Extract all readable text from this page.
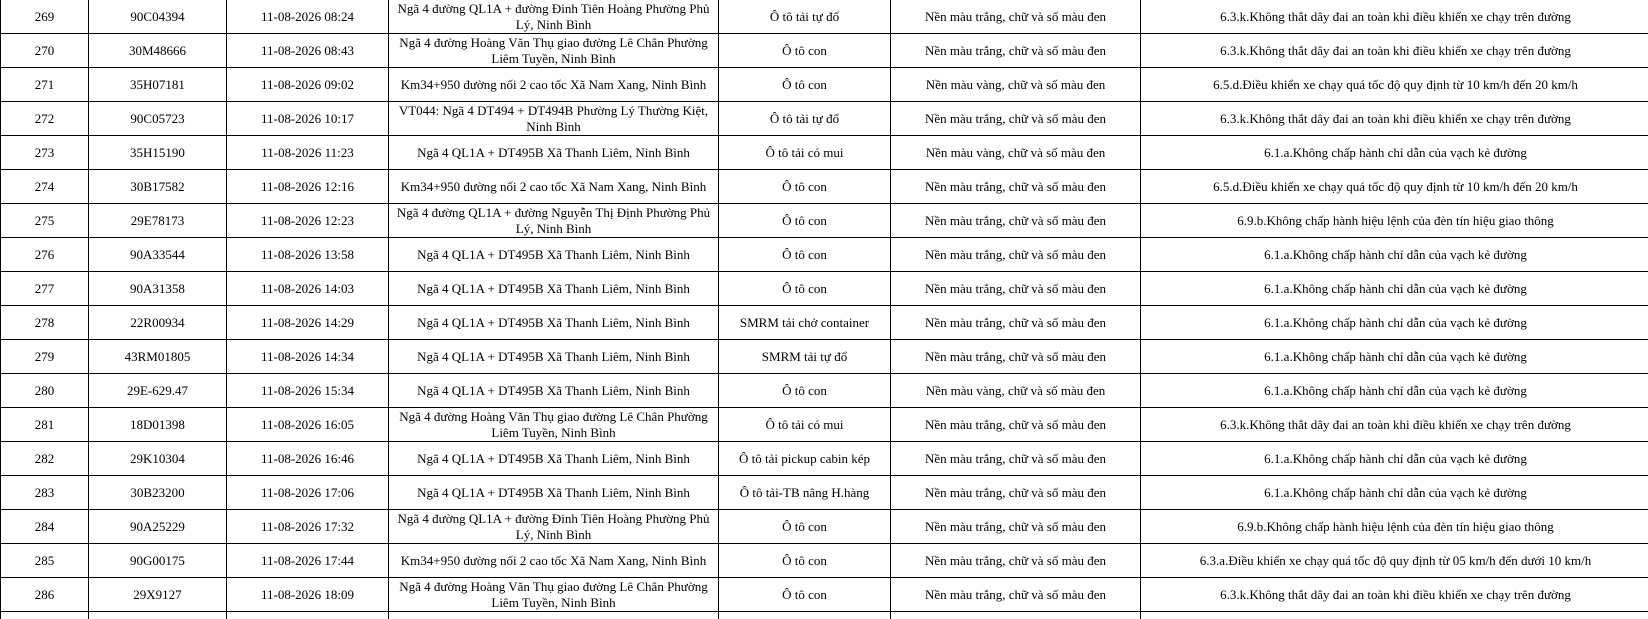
269	90C04394	11-08-2026 08:24	Ngã 4 đường QL1A + đường Đinh Tiên Hoàng Phường Phủ Lý, Ninh Bình	Ô tô tải tự đổ	Nền màu trắng, chữ và số màu đen	6.3.k.Không thắt dây đai an toàn khi điều khiển xe chạy trên đường
270	30M48666	11-08-2026 08:43	Ngã 4 đường Hoàng Văn Thụ giao đường Lê Chân Phường Liêm Tuyền, Ninh Bình	Ô tô con	Nền màu trắng, chữ và số màu đen	6.3.k.Không thắt dây đai an toàn khi điều khiển xe chạy trên đường
271	35H07181	11-08-2026 09:02	Km34+950 đường nối 2 cao tốc Xã Nam Xang, Ninh Bình	Ô tô con	Nền màu vàng, chữ và số màu đen	6.5.d.Điều khiển xe chạy quá tốc độ quy định từ 10 km/h đến 20 km/h
272	90C05723	11-08-2026 10:17	VT044: Ngã 4 DT494 + DT494B Phường Lý Thường Kiệt, Ninh Bình	Ô tô tải tự đổ	Nền màu trắng, chữ và số màu đen	6.3.k.Không thắt dây đai an toàn khi điều khiển xe chạy trên đường
273	35H15190	11-08-2026 11:23	Ngã 4 QL1A + DT495B Xã Thanh Liêm, Ninh Bình	Ô tô tải có mui	Nền màu vàng, chữ và số màu đen	6.1.a.Không chấp hành chỉ dẫn của vạch kẻ đường
274	30B17582	11-08-2026 12:16	Km34+950 đường nối 2 cao tốc Xã Nam Xang, Ninh Bình	Ô tô con	Nền màu trắng, chữ và số màu đen	6.5.d.Điều khiển xe chạy quá tốc độ quy định từ 10 km/h đến 20 km/h
275	29E78173	11-08-2026 12:23	Ngã 4 đường QL1A + đường Nguyễn Thị Định Phường Phủ Lý, Ninh Bình	Ô tô con	Nền màu trắng, chữ và số màu đen	6.9.b.Không chấp hành hiệu lệnh của đèn tín hiệu giao thông
276	90A33544	11-08-2026 13:58	Ngã 4 QL1A + DT495B Xã Thanh Liêm, Ninh Bình	Ô tô con	Nền màu trắng, chữ và số màu đen	6.1.a.Không chấp hành chỉ dẫn của vạch kẻ đường
277	90A31358	11-08-2026 14:03	Ngã 4 QL1A + DT495B Xã Thanh Liêm, Ninh Bình	Ô tô con	Nền màu trắng, chữ và số màu đen	6.1.a.Không chấp hành chỉ dẫn của vạch kẻ đường
278	22R00934	11-08-2026 14:29	Ngã 4 QL1A + DT495B Xã Thanh Liêm, Ninh Bình	SMRM tải chở container	Nền màu trắng, chữ và số màu đen	6.1.a.Không chấp hành chỉ dẫn của vạch kẻ đường
279	43RM01805	11-08-2026 14:34	Ngã 4 QL1A + DT495B Xã Thanh Liêm, Ninh Bình	SMRM tải tự đổ	Nền màu trắng, chữ và số màu đen	6.1.a.Không chấp hành chỉ dẫn của vạch kẻ đường
280	29E-629.47	11-08-2026 15:34	Ngã 4 QL1A + DT495B Xã Thanh Liêm, Ninh Bình	Ô tô con	Nền màu vàng, chữ và số màu đen	6.1.a.Không chấp hành chỉ dẫn của vạch kẻ đường
281	18D01398	11-08-2026 16:05	Ngã 4 đường Hoàng Văn Thụ giao đường Lê Chân Phường Liêm Tuyền, Ninh Bình	Ô tô tải có mui	Nền màu trắng, chữ và số màu đen	6.3.k.Không thắt dây đai an toàn khi điều khiển xe chạy trên đường
282	29K10304	11-08-2026 16:46	Ngã 4 QL1A + DT495B Xã Thanh Liêm, Ninh Bình	Ô tô tải pickup cabin kép	Nền màu trắng, chữ và số màu đen	6.1.a.Không chấp hành chỉ dẫn của vạch kẻ đường
283	30B23200	11-08-2026 17:06	Ngã 4 QL1A + DT495B Xã Thanh Liêm, Ninh Bình	Ô tô tải-TB nâng H.hàng	Nền màu trắng, chữ và số màu đen	6.1.a.Không chấp hành chỉ dẫn của vạch kẻ đường
284	90A25229	11-08-2026 17:32	Ngã 4 đường QL1A + đường Đinh Tiên Hoàng Phường Phủ Lý, Ninh Bình	Ô tô con	Nền màu trắng, chữ và số màu đen	6.9.b.Không chấp hành hiệu lệnh của đèn tín hiệu giao thông
285	90G00175	11-08-2026 17:44	Km34+950 đường nối 2 cao tốc Xã Nam Xang, Ninh Bình	Ô tô con	Nền màu trắng, chữ và số màu đen	6.3.a.Điều khiển xe chạy quá tốc độ quy định từ 05 km/h đến dưới 10 km/h
286	29X9127	11-08-2026 18:09	Ngã 4 đường Hoàng Văn Thụ giao đường Lê Chân Phường Liêm Tuyền, Ninh Bình	Ô tô con	Nền màu trắng, chữ và số màu đen	6.3.k.Không thắt dây đai an toàn khi điều khiển xe chạy trên đường
